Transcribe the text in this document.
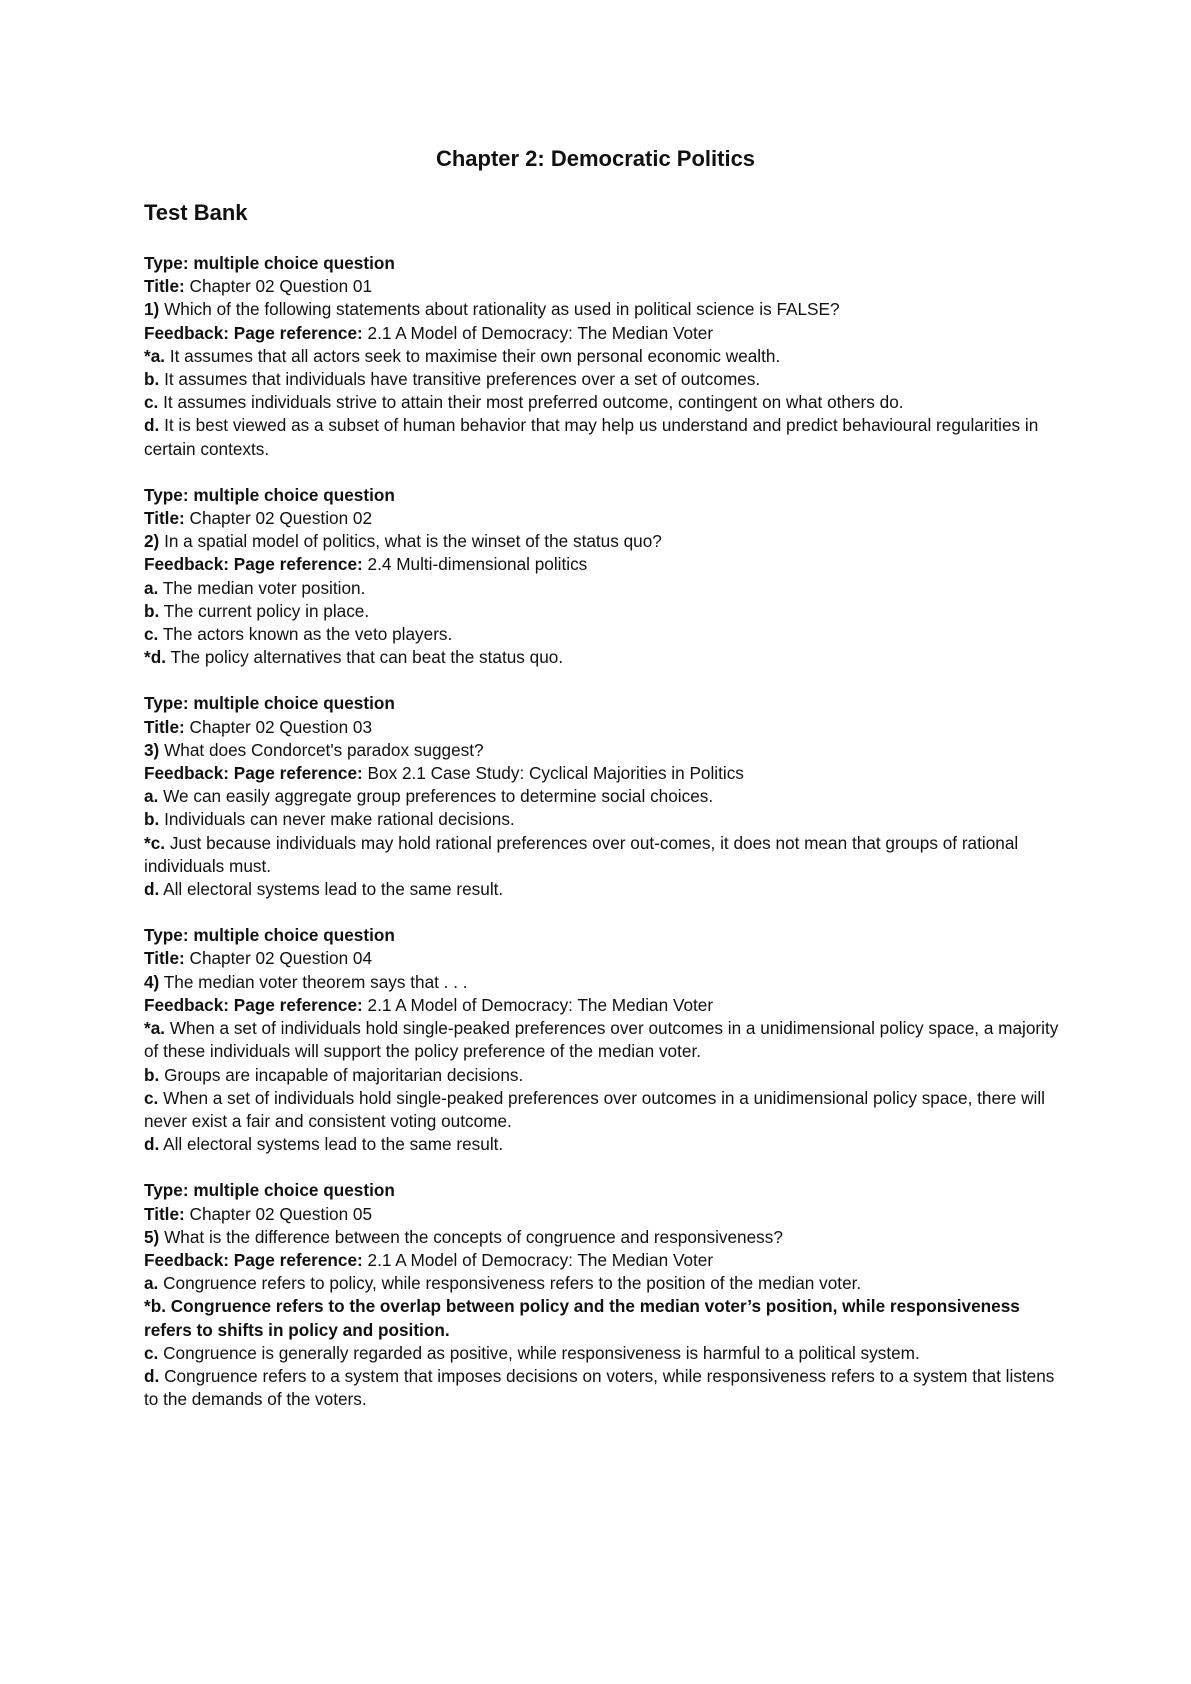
Chapter 2: Democratic Politics
Test Bank
Type: multiple choice question
Title: Chapter 02 Question 01
1) Which of the following statements about rationality as used in political science is FALSE?
Feedback: Page reference: 2.1 A Model of Democracy: The Median Voter
*a. It assumes that all actors seek to maximise their own personal economic wealth.
b. It assumes that individuals have transitive preferences over a set of outcomes.
c. It assumes individuals strive to attain their most preferred outcome, contingent on what others do.
d. It is best viewed as a subset of human behavior that may help us understand and predict behavioural regularities in certain contexts.
Type: multiple choice question
Title: Chapter 02 Question 02
2) In a spatial model of politics, what is the winset of the status quo?
Feedback: Page reference: 2.4 Multi-dimensional politics
a. The median voter position.
b. The current policy in place.
c. The actors known as the veto players.
*d. The policy alternatives that can beat the status quo.
Type: multiple choice question
Title: Chapter 02 Question 03
3) What does Condorcet's paradox suggest?
Feedback: Page reference: Box 2.1 Case Study: Cyclical Majorities in Politics
a. We can easily aggregate group preferences to determine social choices.
b. Individuals can never make rational decisions.
*c. Just because individuals may hold rational preferences over out-comes, it does not mean that groups of rational individuals must.
d. All electoral systems lead to the same result.
Type: multiple choice question
Title: Chapter 02 Question 04
4) The median voter theorem says that . . .
Feedback: Page reference: 2.1 A Model of Democracy: The Median Voter
*a. When a set of individuals hold single-peaked preferences over outcomes in a unidimensional policy space, a majority of these individuals will support the policy preference of the median voter.
b. Groups are incapable of majoritarian decisions.
c. When a set of individuals hold single-peaked preferences over outcomes in a unidimensional policy space, there will never exist a fair and consistent voting outcome.
d. All electoral systems lead to the same result.
Type: multiple choice question
Title: Chapter 02 Question 05
5) What is the difference between the concepts of congruence and responsiveness?
Feedback: Page reference: 2.1 A Model of Democracy: The Median Voter
a. Congruence refers to policy, while responsiveness refers to the position of the median voter.
*b. Congruence refers to the overlap between policy and the median voter’s position, while responsiveness refers to shifts in policy and position.
c. Congruence is generally regarded as positive, while responsiveness is harmful to a political system.
d. Congruence refers to a system that imposes decisions on voters, while responsiveness refers to a system that listens to the demands of the voters.
